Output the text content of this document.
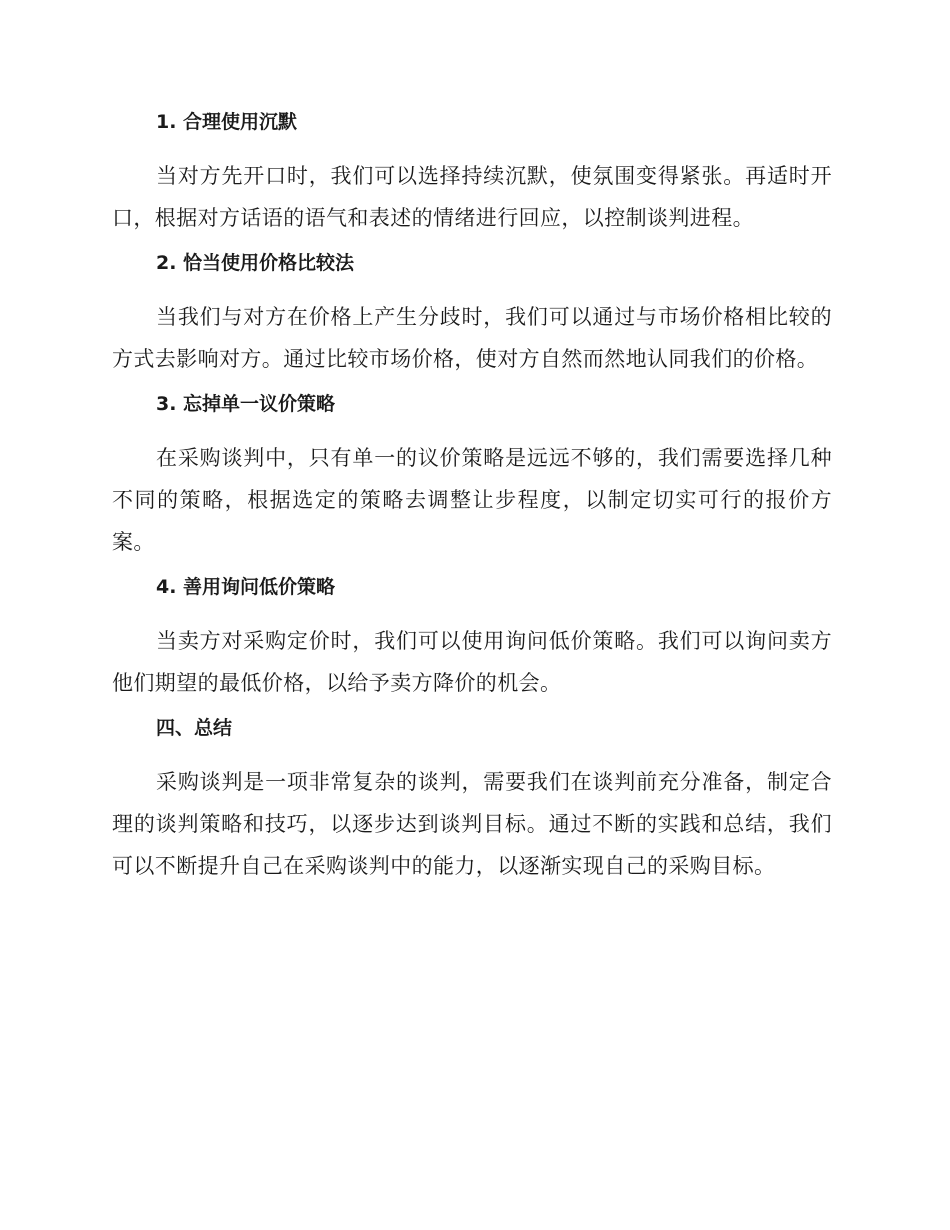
1. 合理使用沉默

当对方先开口时，我们可以选择持续沉默，使氛围变得紧张。再适时开口，根据对方话语的语气和表述的情绪进行回应，以控制谈判进程。

2. 恰当使用价格比较法

当我们与对方在价格上产生分歧时，我们可以通过与市场价格相比较的方式去影响对方。通过比较市场价格，使对方自然而然地认同我们的价格。

3. 忘掉单一议价策略

在采购谈判中，只有单一的议价策略是远远不够的，我们需要选择几种不同的策略，根据选定的策略去调整让步程度，以制定切实可行的报价方案。

4. 善用询问低价策略

当卖方对采购定价时，我们可以使用询问低价策略。我们可以询问卖方他们期望的最低价格，以给予卖方降价的机会。

四、总结

采购谈判是一项非常复杂的谈判，需要我们在谈判前充分准备，制定合理的谈判策略和技巧，以逐步达到谈判目标。通过不断的实践和总结，我们可以不断提升自己在采购谈判中的能力，以逐渐实现自己的采购目标。
